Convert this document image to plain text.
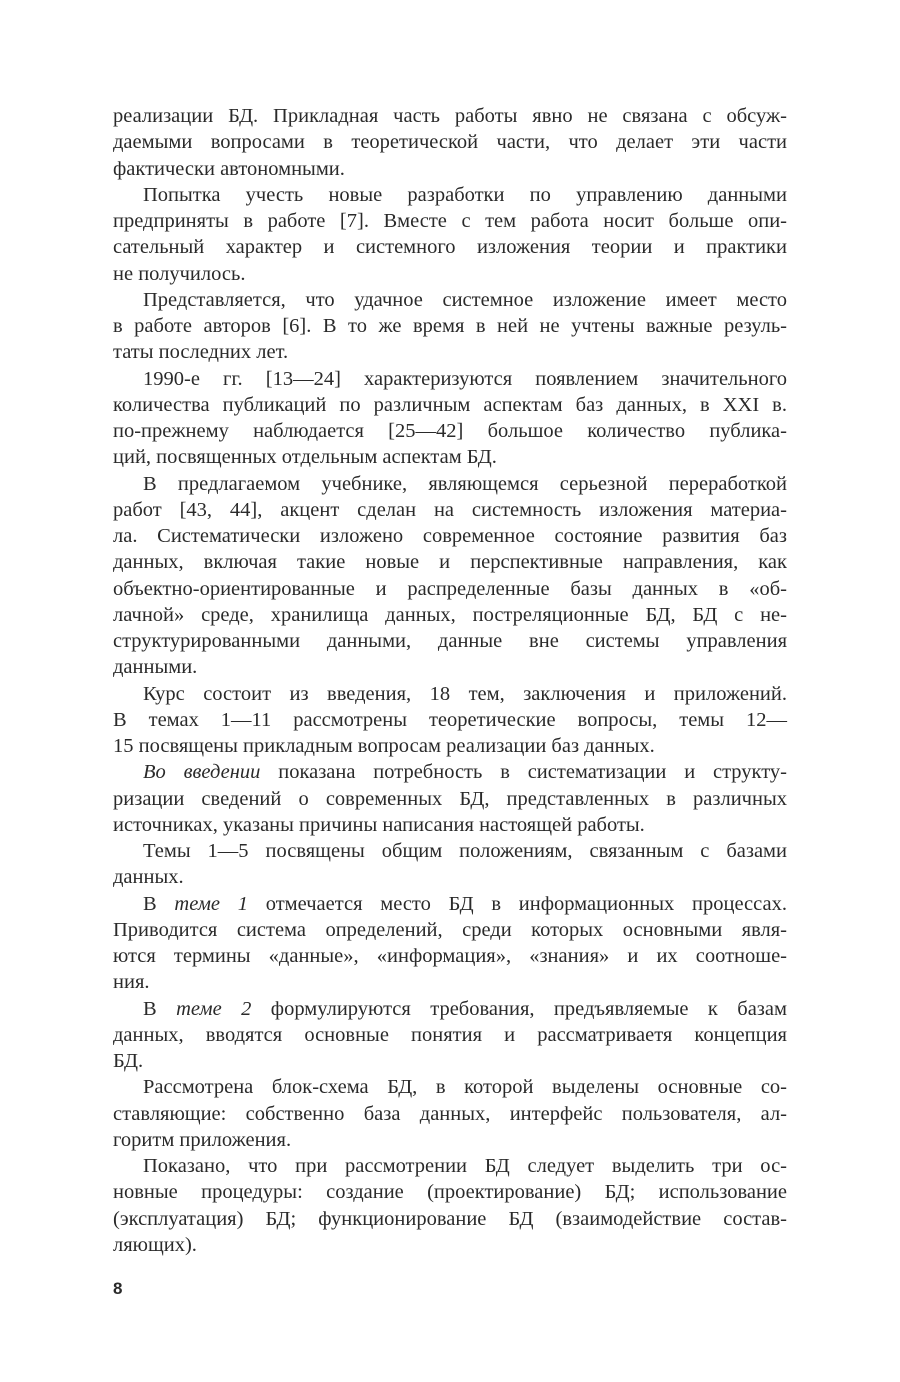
реализации БД. Прикладная часть работы явно не связана с обсуж-
даемыми вопросами в теоретической части, что делает эти части
фактически автономными.
Попытка учесть новые разработки по управлению данными
предприняты в работе [7]. Вместе с тем работа носит больше опи-
сательный характер и системного изложения теории и практики
не получилось.
Представляется, что удачное системное изложение имеет место
в работе авторов [6]. В то же время в ней не учтены важные резуль-
таты последних лет.
1990-е гг. [13—24] характеризуются появлением значительного
количества публикаций по различным аспектам баз данных, в XXI в.
по-прежнему наблюдается [25—42] большое количество публика-
ций, посвященных отдельным аспектам БД.
В предлагаемом учебнике, являющемся серьезной переработкой
работ [43, 44], акцент сделан на системность изложения материа-
ла. Систематически изложено современное состояние развития баз
данных, включая такие новые и перспективные направления, как
объектно-ориентированные и распределенные базы данных в «об-
лачной» среде, хранилища данных, постреляционные БД, БД с не-
структурированными данными, данные вне системы управления
данными.
Курс состоит из введения, 18 тем, заключения и приложений.
В темах 1—11 рассмотрены теоретические вопросы, темы 12—
15 посвящены прикладным вопросам реализации баз данных.
Во введении показана потребность в систематизации и структу-
ризации сведений о современных БД, представленных в различных
источниках, указаны причины написания настоящей работы.
Темы 1—5 посвящены общим положениям, связанным с базами
данных.
В теме 1 отмечается место БД в информационных процессах.
Приводится система определений, среди которых основными явля-
ются термины «данные», «информация», «знания» и их соотноше-
ния.
В теме 2 формулируются требования, предъявляемые к базам
данных, вводятся основные понятия и рассматриваетя концепция
БД.
Рассмотрена блок-схема БД, в которой выделены основные со-
ставляющие: собственно база данных, интерфейс пользователя, ал-
горитм приложения.
Показано, что при рассмотрении БД следует выделить три ос-
новные процедуры: создание (проектирование) БД; использование
(эксплуатация) БД; функционирование БД (взаимодействие состав-
ляющих).
8
